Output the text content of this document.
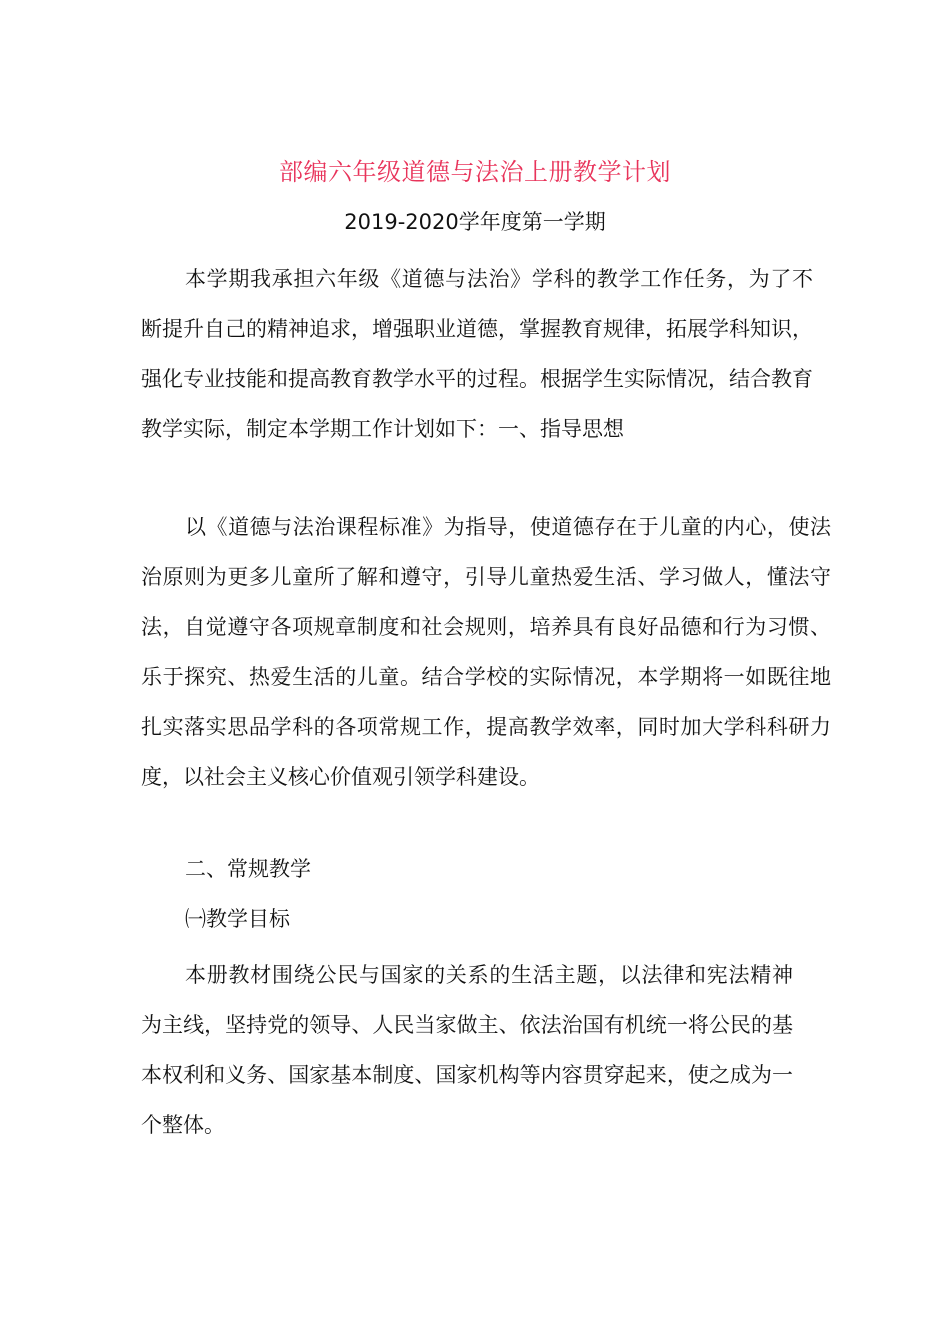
部编六年级道德与法治上册教学计划
2019-2020学年度第一学期

本学期我承担六年级《道德与法治》学科的教学工作任务，为了不断提升自己的精神追求，增强职业道德，掌握教育规律，拓展学科知识，强化专业技能和提高教育教学水平的过程。根据学生实际情况，结合教育教学实际，制定本学期工作计划如下：一、指导思想

以《道德与法治课程标准》为指导，使道德存在于儿童的内心，使法治原则为更多儿童所了解和遵守，引导儿童热爱生活、学习做人，懂法守法，自觉遵守各项规章制度和社会规则，培养具有良好品德和行为习惯、乐于探究、热爱生活的儿童。结合学校的实际情况，本学期将一如既往地扎实落实思品学科的各项常规工作，提高教学效率，同时加大学科科研力度，以社会主义核心价值观引领学科建设。

二、常规教学
㈠教学目标

本册教材围绕公民与国家的关系的生活主题，以法律和宪法精神为主线，坚持党的领导、人民当家做主、依法治国有机统一将公民的基本权利和义务、国家基本制度、国家机构等内容贯穿起来，使之成为一个整体。
